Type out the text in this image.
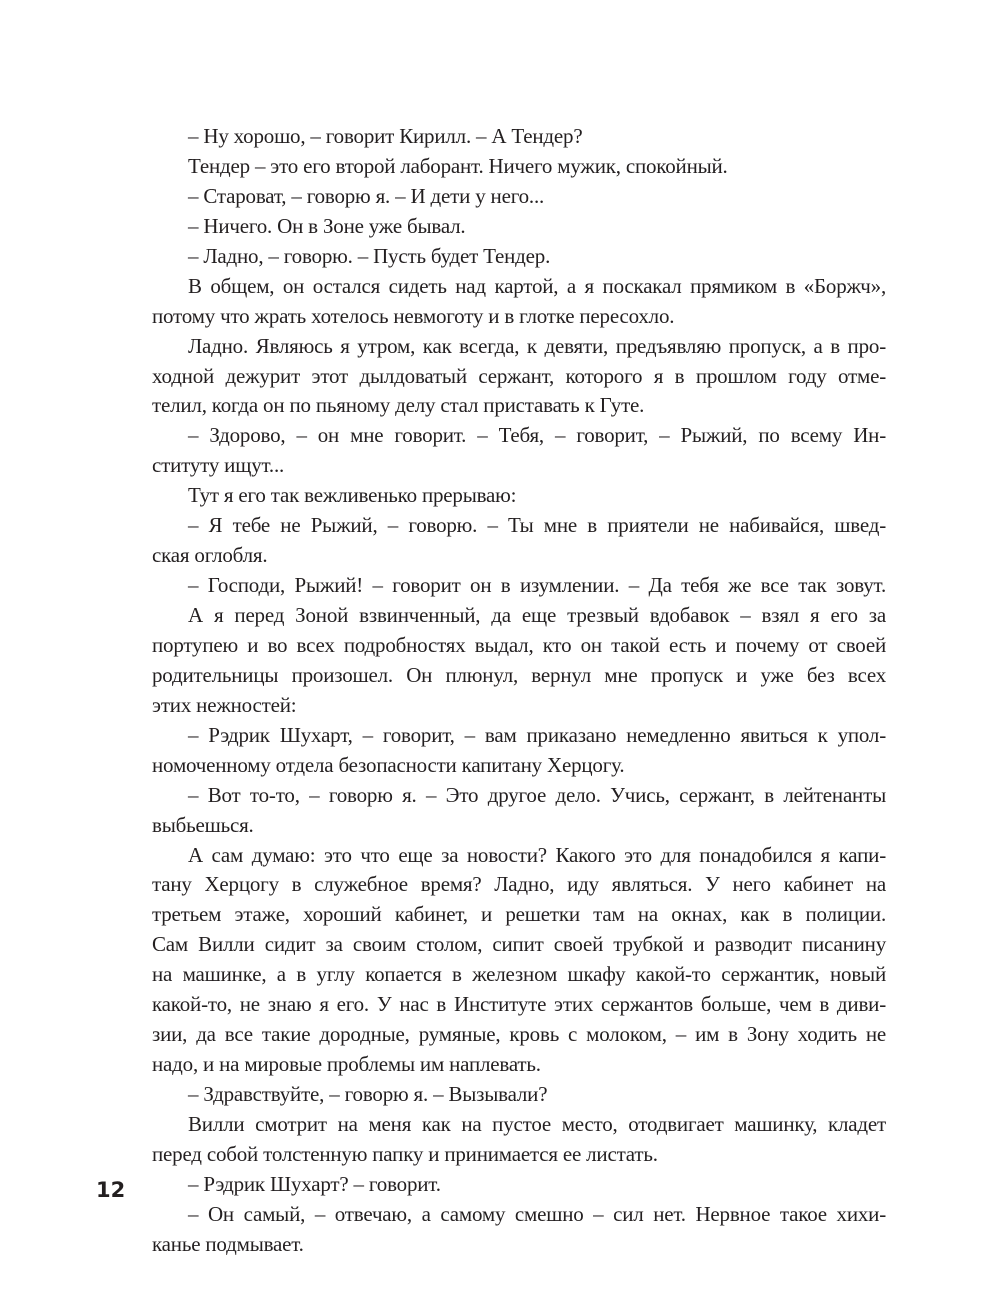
– Ну хорошо, – говорит Кирилл. – А Тендер?
Тендер – это его второй лаборант. Ничего мужик, спокойный.
– Староват, – говорю я. – И дети у него...
– Ничего. Он в Зоне уже бывал.
– Ладно, – говорю. – Пусть будет Тендер.
В общем, он остался сидеть над картой, а я поскакал прямиком в «Боржч»,
потому что жрать хотелось невмоготу и в глотке пересохло.
Ладно. Являюсь я утром, как всегда, к девяти, предъявляю пропуск, а в про-
ходной дежурит этот дылдоватый сержант, которого я в прошлом году отме-
телил, когда он по пьяному делу стал приставать к Гуте.
– Здорово, – он мне говорит. – Тебя, – говорит, – Рыжий, по всему Ин-
ституту ищут...
Тут я его так вежливенько прерываю:
– Я тебе не Рыжий, – говорю. – Ты мне в приятели не набивайся, швед-
ская оглобля.
– Господи, Рыжий! – говорит он в изумлении. – Да тебя же все так зовут.
А я перед Зоной взвинченный, да еще трезвый вдобавок – взял я его за
портупею и во всех подробностях выдал, кто он такой есть и почему от своей
родительницы произошел. Он плюнул, вернул мне пропуск и уже без всех
этих нежностей:
– Рэдрик Шухарт, – говорит, – вам приказано немедленно явиться к упол-
номоченному отдела безопасности капитану Херцогу.
– Вот то-то, – говорю я. – Это другое дело. Учись, сержант, в лейтенанты
выбьешься.
А сам думаю: это что еще за новости? Какого это для понадобился я капи-
тану Херцогу в служебное время? Ладно, иду являться. У него кабинет на
третьем этаже, хороший кабинет, и решетки там на окнах, как в полиции.
Сам Вилли сидит за своим столом, сипит своей трубкой и разводит писанину
на машинке, а в углу копается в железном шкафу какой-то сержантик, новый
какой-то, не знаю я его. У нас в Институте этих сержантов больше, чем в диви-
зии, да все такие дородные, румяные, кровь с молоком, – им в Зону ходить не
надо, и на мировые проблемы им наплевать.
– Здравствуйте, – говорю я. – Вызывали?
Вилли смотрит на меня как на пустое место, отодвигает машинку, кладет
перед собой толстенную папку и принимается ее листать.
– Рэдрик Шухарт? – говорит.
– Он самый, – отвечаю, а самому смешно – сил нет. Нервное такое хихи-
канье подмывает.
12
